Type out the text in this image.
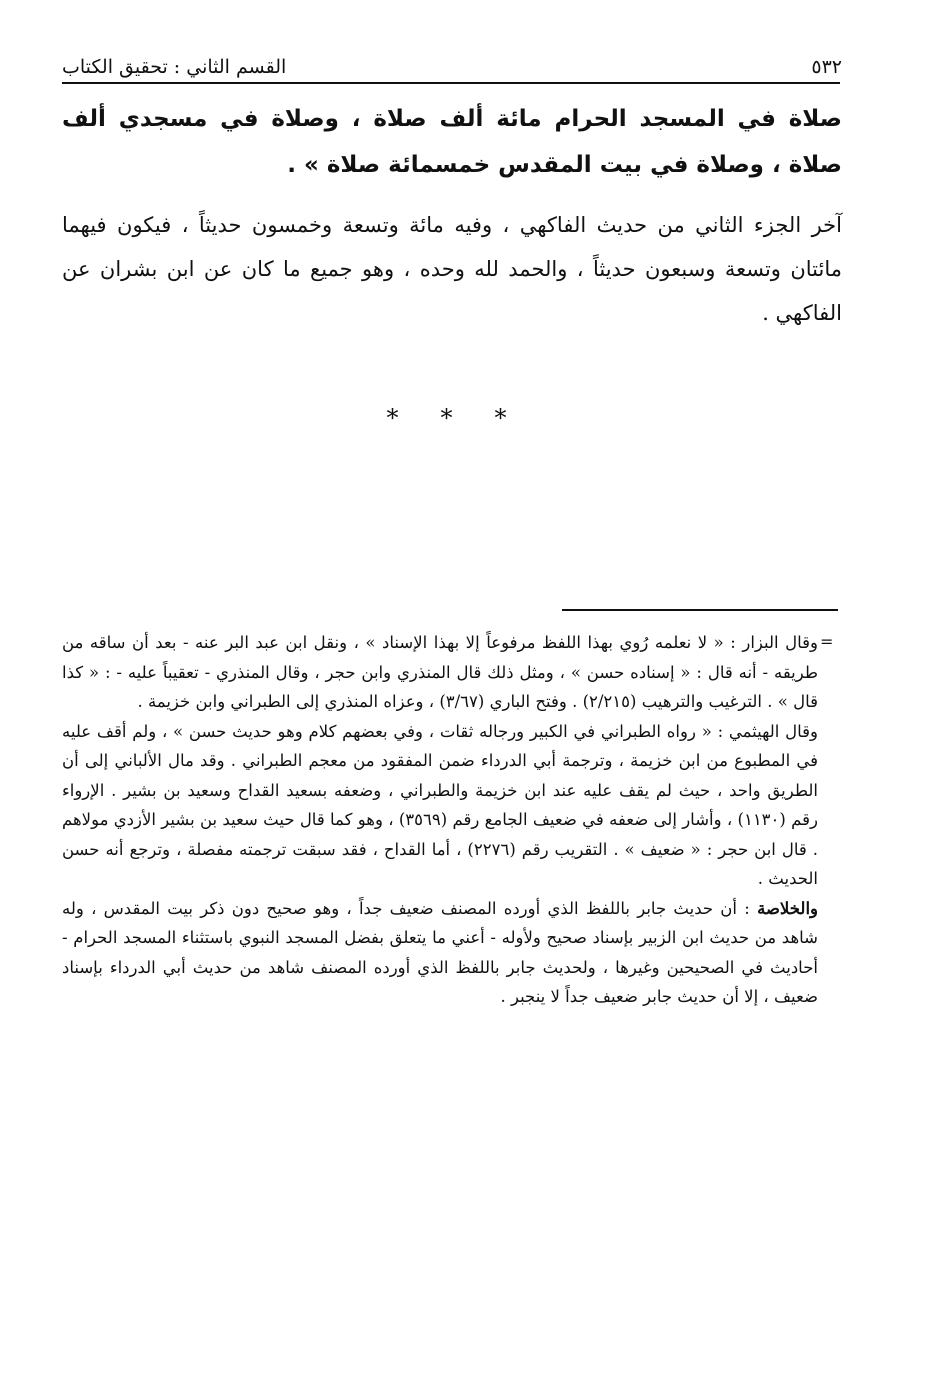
٥٣٢
القسم الثاني : تحقيق الكتاب
صلاة في المسجد الحرام مائة ألف صلاة ، وصلاة في مسجدي ألف صلاة ، وصلاة في بيت المقدس خمسمائة صلاة » .
آخر الجزء الثاني من حديث الفاكهي ، وفيه مائة وتسعة وخمسون حديثاً ، فيكون فيهما مائتان وتسعة وسبعون حديثاً ، والحمد لله وحده ، وهو جميع ما كان عن ابن بشران عن الفاكهي .
***
=

وقال البزار : « لا نعلمه رُوي بهذا اللفظ مرفوعاً إلا بهذا الإسناد » ، ونقل ابن عبد البر عنه - بعد أن ساقه من طريقه - أنه قال : « إسناده حسن » ، ومثل ذلك قال المنذري وابن حجر ، وقال المنذري - تعقيباً عليه - : « كذا قال » . الترغيب والترهيب (٢/٢١٥) . وفتح الباري (٣/٦٧) ، وعزاه المنذري إلى الطبراني وابن خزيمة .

وقال الهيثمي : « رواه الطبراني في الكبير ورجاله ثقات ، وفي بعضهم كلام وهو حديث حسن » ، ولم أقف عليه في المطبوع من ابن خزيمة ، وترجمة أبي الدرداء ضمن المفقود من معجم الطبراني . وقد مال الألباني إلى أن الطريق واحد ، حيث لم يقف عليه عند ابن خزيمة والطبراني ، وضعفه بسعيد القداح وسعيد بن بشير . الإرواء رقم (١١٣٠) ، وأشار إلى ضعفه في ضعيف الجامع رقم (٣٥٦٩) ، وهو كما قال حيث سعيد بن بشير الأزدي مولاهم . قال ابن حجر : « ضعيف » . التقريب رقم (٢٢٧٦) ، أما القداح ، فقد سبقت ترجمته مفصلة ، وترجع أنه حسن الحديث .

والخلاصة : أن حديث جابر باللفظ الذي أورده المصنف ضعيف جداً ، وهو صحيح دون ذكر بيت المقدس ، وله شاهد من حديث ابن الزبير بإسناد صحيح ولأوله - أعني ما يتعلق بفضل المسجد النبوي باستثناء المسجد الحرام - أحاديث في الصحيحين وغيرها ، ولحديث جابر باللفظ الذي أورده المصنف شاهد من حديث أبي الدرداء بإسناد ضعيف ، إلا أن حديث جابر ضعيف جداً لا ينجبر .
